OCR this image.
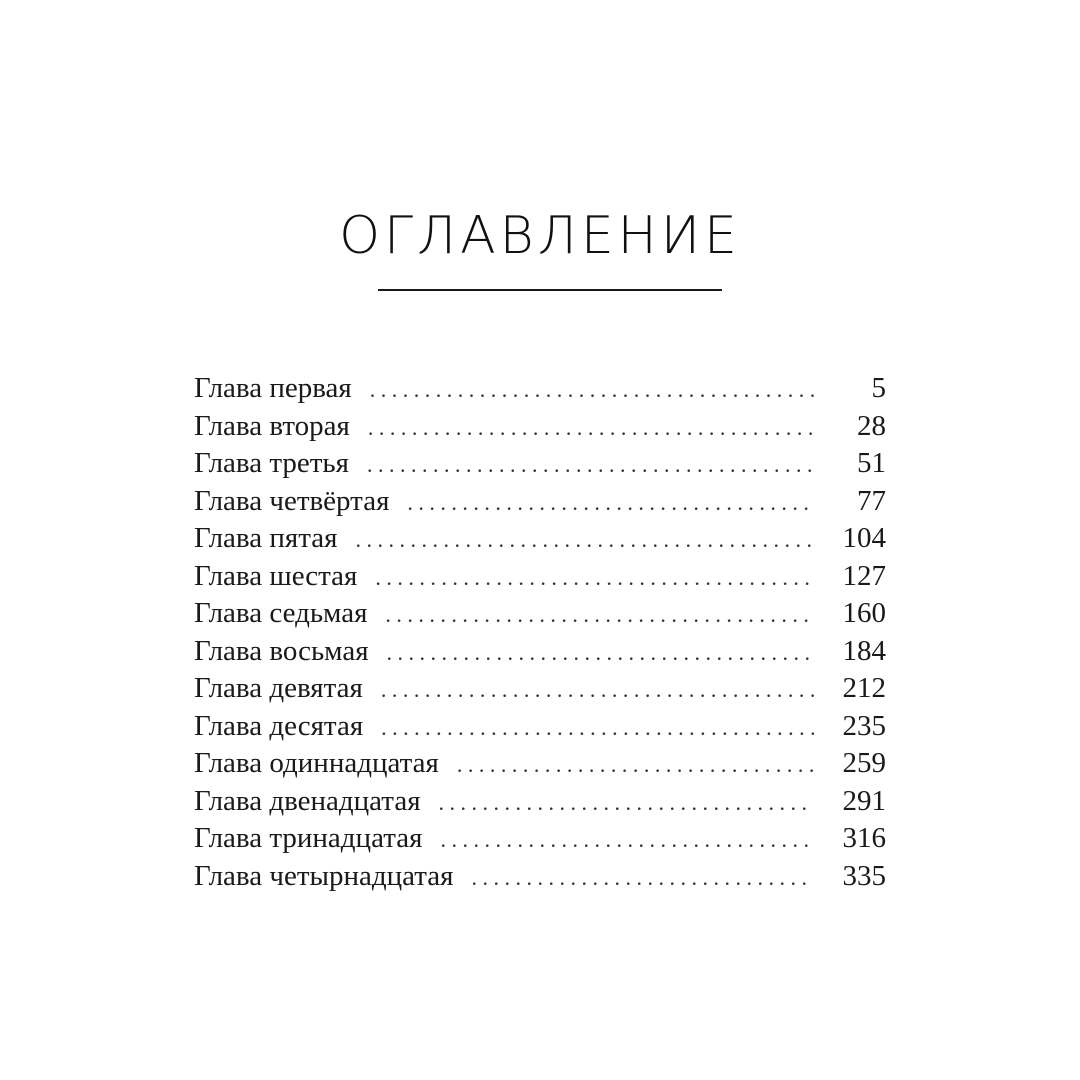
ОГЛАВЛЕНИЕ
Глава первая . . .	5
Глава вторая . . .	28
Глава третья . . .	51
Глава четвёртая . . .	77
Глава пятая . . .	104
Глава шестая . . .	127
Глава седьмая . . .	160
Глава восьмая . . .	184
Глава девятая . . .	212
Глава десятая . . .	235
Глава одиннадцатая . . .	259
Глава двенадцатая . . .	291
Глава тринадцатая . . .	316
Глава четырнадцатая . . .	335
